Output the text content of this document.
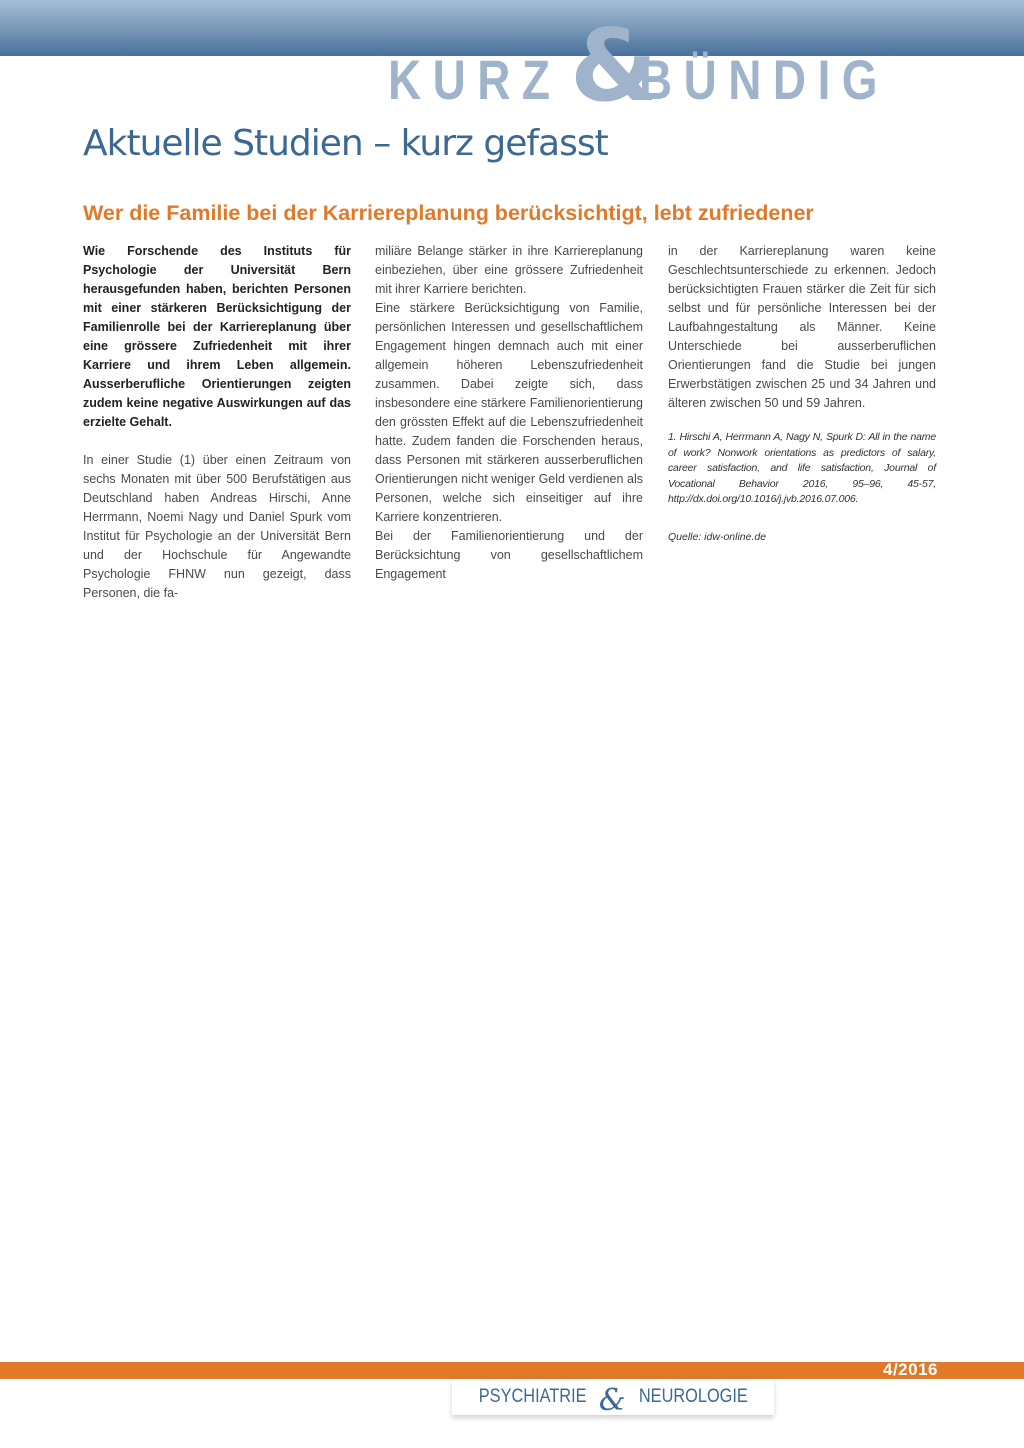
KURZ &
BÜNDIG
Aktuelle Studien – kurz gefasst
Wer die Familie bei der Karriereplanung berücksichtigt, lebt zufriedener

Wie Forschende des Instituts für Psychologie der Universität Bern herausgefunden haben, berichten Personen mit einer stärkeren Berücksichtigung der Familienrolle bei der Karriereplanung über eine grössere Zufriedenheit mit ihrer Karriere und ihrem Leben allgemein. Ausserberufliche Orientierungen zeigten zudem keine negative Auswirkungen auf das erzielte Gehalt.

In einer Studie (1) über einen Zeitraum von sechs Monaten mit über 500 Berufstätigen aus Deutschland haben Andreas Hirschi, Anne Herrmann, Noemi Nagy und Daniel Spurk vom Institut für Psychologie an der Universität Bern und der Hochschule für Angewandte Psychologie FHNW nun gezeigt, dass Personen, die fa-

miliäre Belange stärker in ihre Karriereplanung einbeziehen, über eine grössere Zufriedenheit mit ihrer Karriere berichten.

Eine stärkere Berücksichtigung von Familie, persönlichen Interessen und gesellschaftlichem Engagement hingen demnach auch mit einer allgemein höheren Lebenszufriedenheit zusammen. Dabei zeigte sich, dass insbesondere eine stärkere Familienorientierung den grössten Effekt auf die Lebenszufriedenheit hatte. Zudem fanden die Forschenden heraus, dass Personen mit stärkeren ausserberuflichen Orientierungen nicht weniger Geld verdienen als Personen, welche sich einseitiger auf ihre Karriere konzentrieren.

Bei der Familienorientierung und der Berücksichtung von gesellschaftlichem Engagement

in der Karriereplanung waren keine Geschlechtsunterschiede zu erkennen. Jedoch berücksichtigten Frauen stärker die Zeit für sich selbst und für persönliche Interessen bei der Laufbahngestaltung als Männer. Keine Unterschiede bei ausserberuflichen Orientierungen fand die Studie bei jungen Erwerbstätigen zwischen 25 und 34 Jahren und älteren zwischen 50 und 59 Jahren.

1. Hirschi A, Herrmann A, Nagy N, Spurk D: All in the name of work? Nonwork orientations as predictors of salary, career satisfaction, and life satisfaction, Journal of Vocational Behavior 2016, 95–96, 45-57, http://dx.doi.org/10.1016/j.jvb.2016.07.006.

Quelle: idw-online.de

4/2016
PSYCHIATRIE & NEUROLOGIE
